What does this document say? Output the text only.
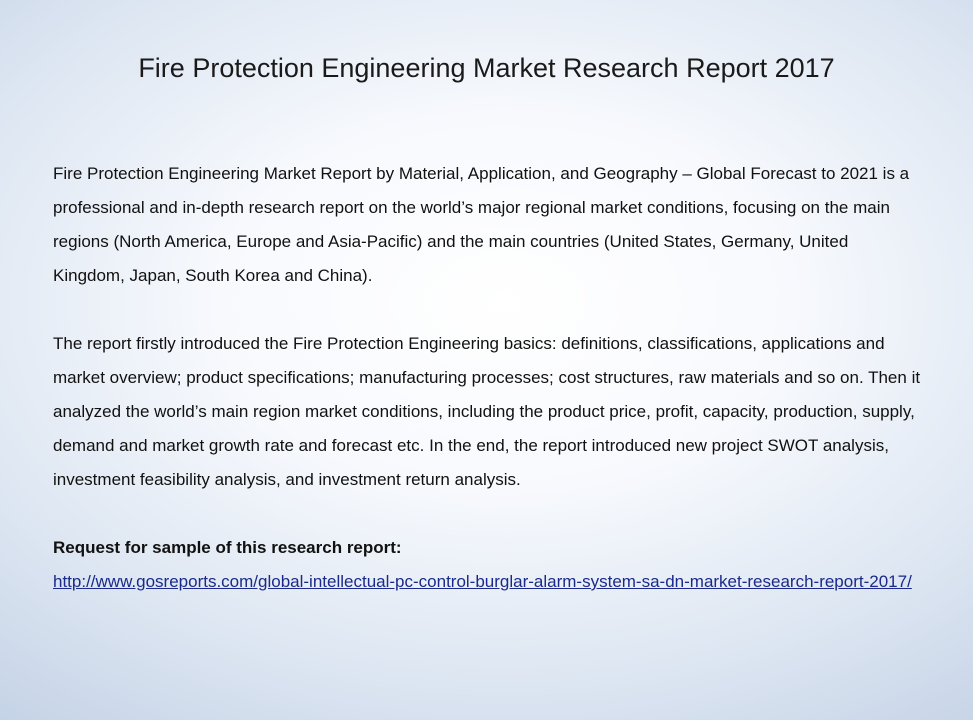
Fire Protection Engineering Market Research Report 2017

Fire Protection Engineering Market Report by Material, Application, and Geography – Global Forecast to 2021 is a professional and in-depth research report on the world’s major regional market conditions, focusing on the main regions (North America, Europe and Asia-Pacific) and the main countries (United States, Germany, United Kingdom, Japan, South Korea and China).

The report firstly introduced the Fire Protection Engineering basics: definitions, classifications, applications and market overview; product specifications; manufacturing processes; cost structures, raw materials and so on. Then it analyzed the world’s main region market conditions, including the product price, profit, capacity, production, supply, demand and market growth rate and forecast etc. In the end, the report introduced new project SWOT analysis, investment feasibility analysis, and investment return analysis.

Request for sample of this research report:
http://www.gosreports.com/global-intellectual-pc-control-burglar-alarm-system-sa-dn-market-research-report-2017/
